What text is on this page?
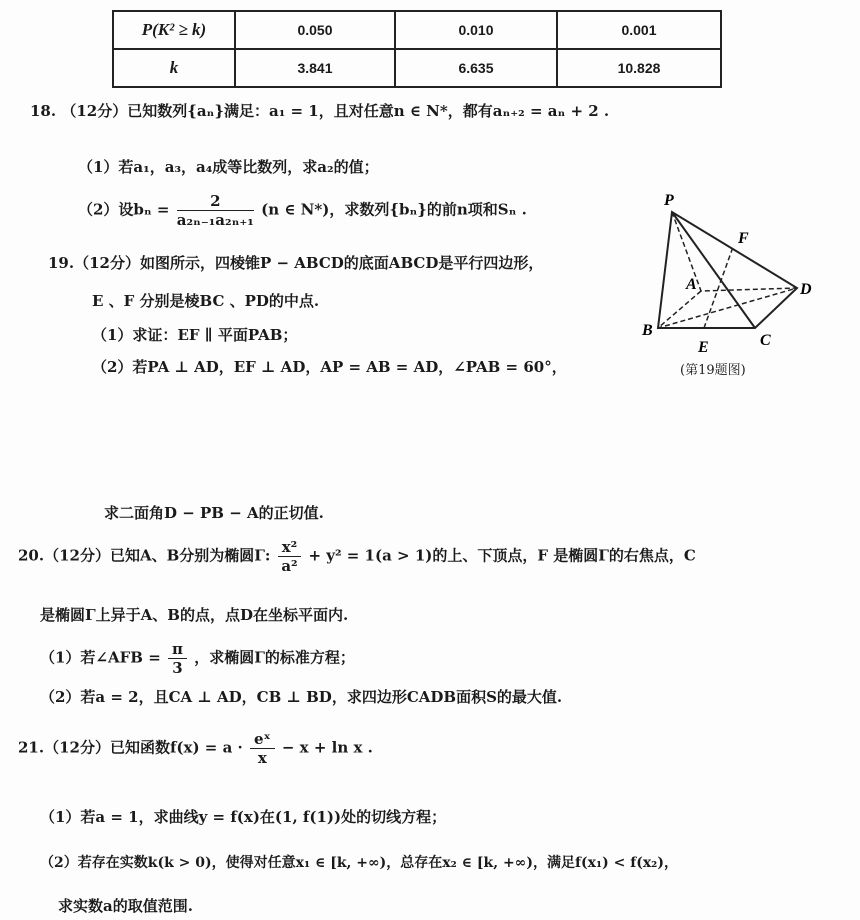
P(K² ≥ k)	0.050	0.010	0.001
k	3.841	6.635	10.828
18. （12分）已知数列{aₙ}满足：a₁ = 1，且对任意n ∈ N*，都有aₙ₊₂ = aₙ + 2 .
（1）若a₁，a₃，a₄成等比数列，求a₂的值；
（2）设$b_n = \frac{2}{\text{a₂ₙ₋₁a₂ₙ₊₁}} (n$ ∈ N*)，求数列{bₙ}的前n项和Sₙ .
19.（12分）如图所示，四棱锥P − ABCD的底面ABCD是平行四边形，
E 、F 分别是棱BC 、PD的中点.
（1）求证：EF ∥ 平面PAB；
（2）若PA ⊥ AD，EF ⊥ AD，AP = AB = AD，∠PAB = 60°，
求二面角D − PB − A的正切值.
P
F
A	D
B
C
E
(第19题图)
20.（12分）已知A、B分别为椭圆Γ: $\frac{\text{x²}}{\text{a²}} + y^2 = 1(a > 1)$的上、下顶点，F 是椭圆Γ的右焦点，C
是椭圆Γ上异于A、B的点，点D在坐标平面内.
（1）若∠AFB = $\frac{\pi}{3}$ ，求椭圆Γ的标准方程；
（2）若a = 2，且CA ⊥ AD，CB ⊥ BD，求四边形CADB面积S的最大值.
21.（12分）已知函数$f(x) = a \cdot \frac{\text{eˣ}}{x} - x + \ln x$ .
（1）若a = 1，求曲线y = f(x)在(1, f(1))处的切线方程；
（2）若存在实数k(k > 0)，使得对任意x₁ ∈ [k, +∞)，总存在x₂ ∈ [k, +∞)，满足f(x₁) < f(x₂)，
求实数a的取值范围.
